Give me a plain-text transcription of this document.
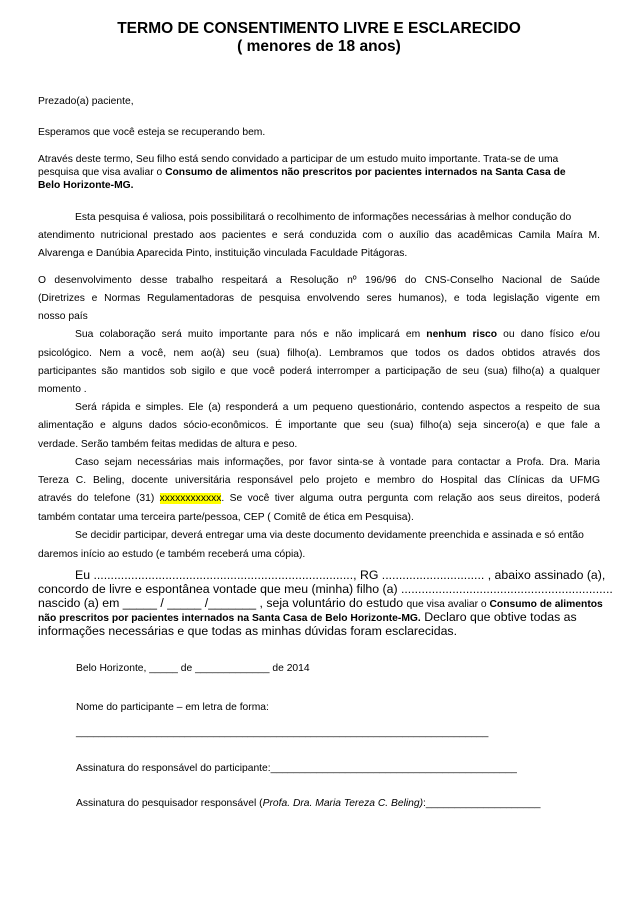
TERMO DE CONSENTIMENTO LIVRE E ESCLARECIDO
( menores de 18 anos)
Prezado(a) paciente,
Esperamos que você esteja se recuperando bem.
Através deste termo, Seu filho está sendo convidado a participar de um estudo muito importante. Trata-se de uma
pesquisa que visa avaliar o Consumo de alimentos não prescritos por pacientes internados na Santa Casa de
Belo Horizonte-MG.
Esta pesquisa é valiosa, pois possibilitará o recolhimento de informações necessárias à melhor condução do
atendimento nutricional prestado aos pacientes e será conduzida com o auxílio das acadêmicas Camila Maíra M.
Alvarenga e Danúbia Aparecida Pinto, instituição vinculada Faculdade Pitágoras.
O desenvolvimento desse trabalho respeitará a Resolução nº 196/96 do CNS-Conselho Nacional de Saúde
(Diretrizes e Normas Regulamentadoras de pesquisa envolvendo seres humanos), e toda legislação vigente em
nosso país
Sua colaboração será muito importante para nós e não implicará em nenhum risco ou dano físico e/ou
psicológico. Nem a você, nem ao(à) seu (sua) filho(a). Lembramos que todos os dados obtidos através dos
participantes são mantidos sob sigilo e que você poderá interromper a participação de seu (sua) filho(a) a qualquer
momento .
Será rápida e simples. Ele (a) responderá a um pequeno questionário, contendo aspectos a respeito de sua
alimentação e alguns dados sócio-econômicos. É importante que seu (sua) filho(a) seja sincero(a) e que fale a
verdade. Serão também feitas medidas de altura e peso.
Caso sejam necessárias mais informações, por favor sinta-se à vontade para contactar a Profa. Dra. Maria
Tereza C. Beling, docente universitária responsável pelo projeto e membro do Hospital das Clínicas da UFMG
através do telefone (31) xxxxxxxxxxxx. Se você tiver alguma outra pergunta com relação aos seus direitos, poderá
também contatar uma terceira parte/pessoa, CEP ( Comitê de ética em Pesquisa).
Se decidir participar, deverá entregar uma via deste documento devidamente preenchida e assinada e só então
daremos início ao estudo (e também receberá uma cópia).
Eu ............................................................................, RG .............................. , abaixo assinado (a),
concordo de livre e espontânea vontade que meu (minha) filho (a) ..............................................................
nascido (a) em _____ / _____ /_______ , seja voluntário do estudo que visa avaliar o Consumo de alimentos
não prescritos por pacientes internados na Santa Casa de Belo Horizonte-MG. Declaro que obtive todas as
informações necessárias e que todas as minhas dúvidas foram esclarecidas.
Belo Horizonte, _____ de _____________ de 2014
Nome do participante – em letra de forma:
________________________________________________________________________
Assinatura do responsável do participante:___________________________________________
Assinatura do pesquisador responsável (Profa. Dra. Maria Tereza C. Beling):____________________
